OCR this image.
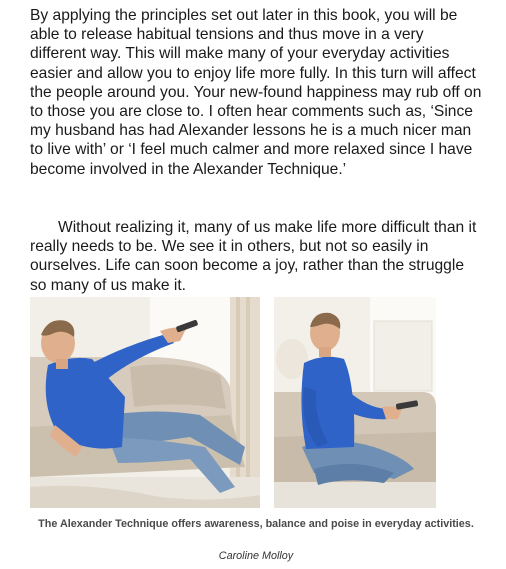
By applying the principles set out later in this book, you will be able to release habitual tensions and thus move in a very different way. This will make many of your everyday activities easier and allow you to enjoy life more fully. In this turn will affect the people around you. Your new-found happiness may rub off on to those you are close to. I often hear comments such as, ‘Since my husband has had Alexander lessons he is a much nicer man to live with’ or ‘I feel much calmer and more relaxed since I have become involved in the Alexander Technique.’

Without realizing it, many of us make life more difficult than it really needs to be. We see it in others, but not so easily in ourselves. Life can soon become a joy, rather than the struggle so many of us make it.

The Alexander Technique offers awareness, balance and poise in everyday activities.

Caroline Molloy
